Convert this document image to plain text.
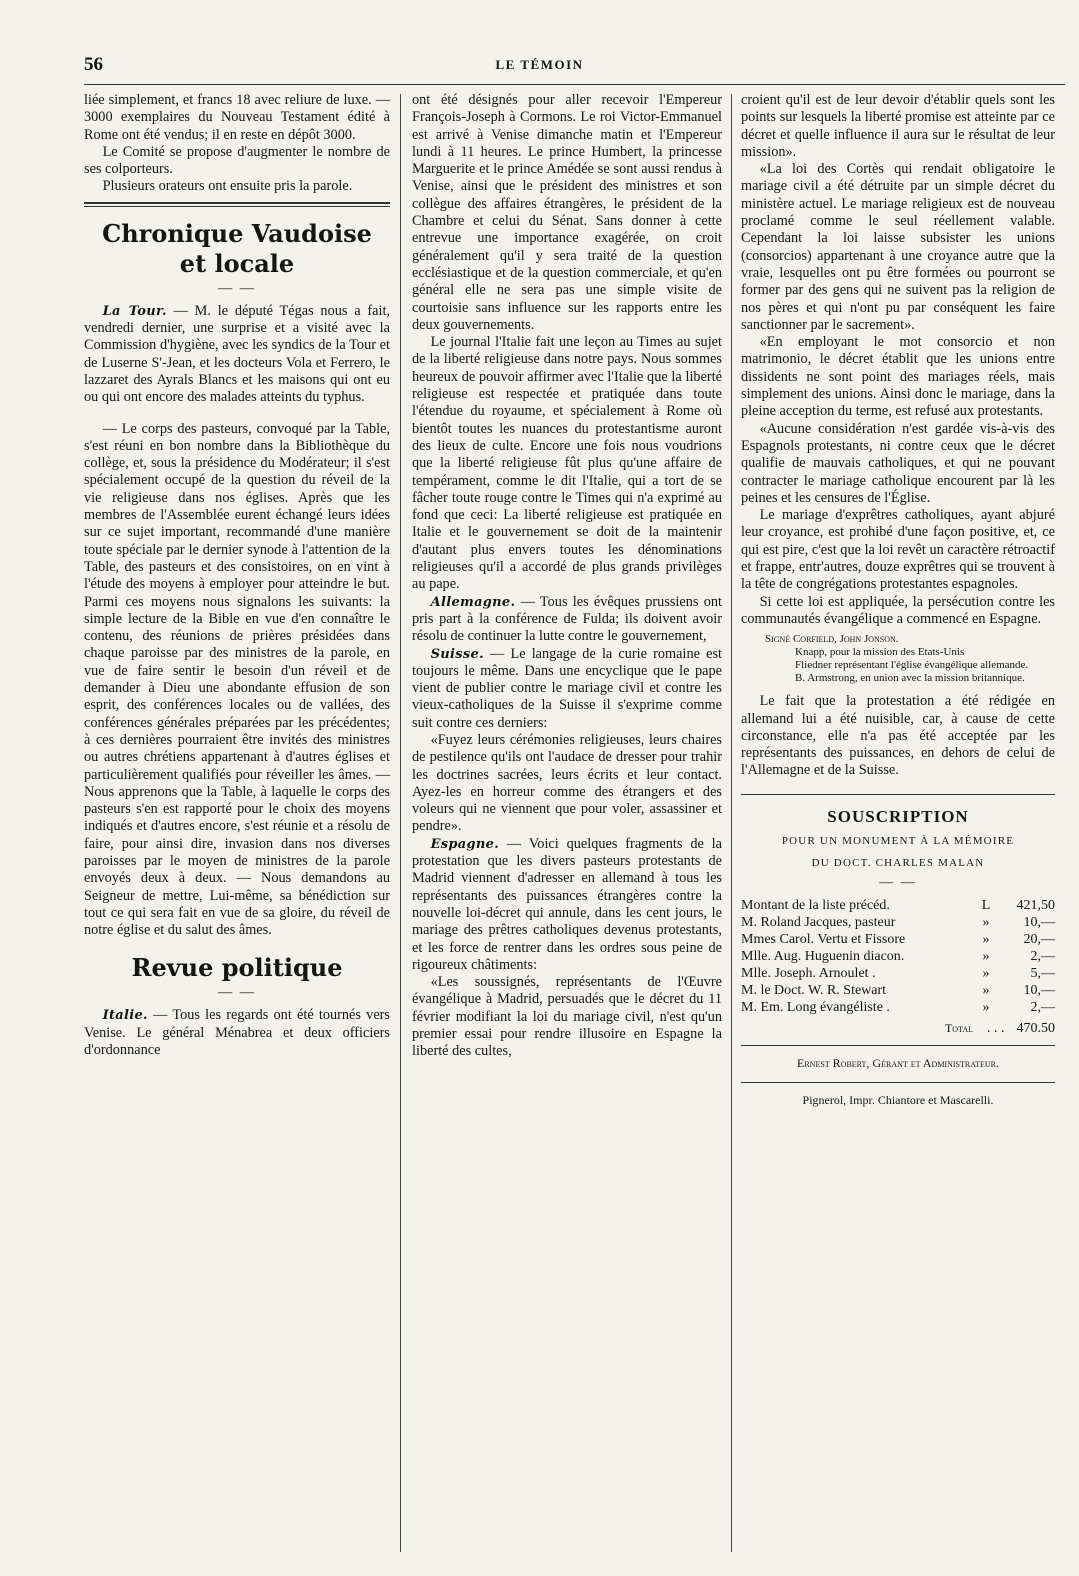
56	LE TÉMOIN

liée simplement, et francs 18 avec reliure de luxe. — 3000 exemplaires du Nouveau Testament édité à Rome ont été vendus; il en reste en dépôt 3000.

Le Comité se propose d'augmenter le nombre de ses colporteurs.

Plusieurs orateurs ont ensuite pris la parole.

Chronique Vaudoise
et locale
— —

La Tour. — M. le député Tégas nous a fait, vendredi dernier, une surprise et a visité avec la Commission d'hygiène, avec les syndics de la Tour et de Luserne S'-Jean, et les docteurs Vola et Ferrero, le lazzaret des Ayrals Blancs et les maisons qui ont eu ou qui ont encore des malades atteints du typhus.

— Le corps des pasteurs, convoqué par la Table, s'est réuni en bon nombre dans la Bibliothèque du collège, et, sous la présidence du Modérateur; il s'est spécialement occupé de la question du réveil de la vie religieuse dans nos églises. Après que les membres de l'Assemblée eurent échangé leurs idées sur ce sujet important, recommandé d'une manière toute spéciale par le dernier synode à l'attention de la Table, des pasteurs et des consistoires, on en vint à l'étude des moyens à employer pour atteindre le but. Parmi ces moyens nous signalons les suivants: la simple lecture de la Bible en vue d'en connaître le contenu, des réunions de prières présidées dans chaque paroisse par des ministres de la parole, en vue de faire sentir le besoin d'un réveil et de demander à Dieu une abondante effusion de son esprit, des conférences locales ou de vallées, des conférences générales préparées par les précédentes; à ces dernières pourraient être invités des ministres ou autres chrétiens appartenant à d'autres églises et particulièrement qualifiés pour réveiller les âmes. — Nous apprenons que la Table, à laquelle le corps des pasteurs s'en est rapporté pour le choix des moyens indiqués et d'autres encore, s'est réunie et a résolu de faire, pour ainsi dire, invasion dans nos diverses paroisses par le moyen de ministres de la parole envoyés deux à deux. — Nous demandons au Seigneur de mettre, Lui-même, sa bénédiction sur tout ce qui sera fait en vue de sa gloire, du réveil de notre église et du salut des âmes.

Revue politique
— —

Italie. — Tous les regards ont été tournés vers Venise. Le général Ménabrea et deux officiers d'ordonnance

ont été désignés pour aller recevoir l'Empereur François-Joseph à Cormons. Le roi Victor-Emmanuel est arrivé à Venise dimanche matin et l'Empereur lundi à 11 heures. Le prince Humbert, la princesse Marguerite et le prince Amédée se sont aussi rendus à Venise, ainsi que le président des ministres et son collègue des affaires étrangères, le président de la Chambre et celui du Sénat. Sans donner à cette entrevue une importance exagérée, on croit généralement qu'il y sera traité de la question ecclésiastique et de la question commerciale, et qu'en général elle ne sera pas une simple visite de courtoisie sans influence sur les rapports entre les deux gouvernements.

Le journal l'Italie fait une leçon au Times au sujet de la liberté religieuse dans notre pays. Nous sommes heureux de pouvoir affirmer avec l'Italie que la liberté religieuse est respectée et pratiquée dans toute l'étendue du royaume, et spécialement à Rome où bientôt toutes les nuances du protestantisme auront des lieux de culte. Encore une fois nous voudrions que la liberté religieuse fût plus qu'une affaire de tempérament, comme le dit l'Italie, qui a tort de se fâcher toute rouge contre le Times qui n'a exprimé au fond que ceci: La liberté religieuse est pratiquée en Italie et le gouvernement se doit de la maintenir d'autant plus envers toutes les dénominations religieuses qu'il a accordé de plus grands privilèges au pape.

Allemagne. — Tous les évêques prussiens ont pris part à la conférence de Fulda; ils doivent avoir résolu de continuer la lutte contre le gouvernement,

Suisse. — Le langage de la curie romaine est toujours le même. Dans une encyclique que le pape vient de publier contre le mariage civil et contre les vieux-catholiques de la Suisse il s'exprime comme suit contre ces derniers:

«Fuyez leurs cérémonies religieuses, leurs chaires de pestilence qu'ils ont l'audace de dresser pour trahir les doctrines sacrées, leurs écrits et leur contact. Ayez-les en horreur comme des étrangers et des voleurs qui ne viennent que pour voler, assassiner et pendre».

Espagne. — Voici quelques fragments de la protestation que les divers pasteurs protestants de Madrid viennent d'adresser en allemand à tous les représentants des puissances étrangères contre la nouvelle loi-décret qui annule, dans les cent jours, le mariage des prêtres catholiques devenus protestants, et les force de rentrer dans les ordres sous peine de rigoureux châtiments:

«Les soussignés, représentants de l'Œuvre évangélique à Madrid, persuadés que le décret du 11 février modifiant la loi du mariage civil, n'est qu'un premier essai pour rendre illusoire en Espagne la liberté des cultes,

croient qu'il est de leur devoir d'établir quels sont les points sur lesquels la liberté promise est atteinte par ce décret et quelle influence il aura sur le résultat de leur mission».

«La loi des Cortès qui rendait obligatoire le mariage civil a été détruite par un simple décret du ministère actuel. Le mariage religieux est de nouveau proclamé comme le seul réellement valable. Cependant la loi laisse subsister les unions (consorcios) appartenant à une croyance autre que la vraie, lesquelles ont pu être formées ou pourront se former par des gens qui ne suivent pas la religion de nos pères et qui n'ont pu par conséquent les faire sanctionner par le sacrement».

«En employant le mot consorcio et non matrimonio, le décret établit que les unions entre dissidents ne sont point des mariages réels, mais simplement des unions. Ainsi donc le mariage, dans la pleine acception du terme, est refusé aux protestants.

«Aucune considération n'est gardée vis-à-vis des Espagnols protestants, ni contre ceux que le décret qualifie de mauvais catholiques, et qui ne pouvant contracter le mariage catholique encourent par là les peines et les censures de l'Église.

Le mariage d'exprêtres catholiques, ayant abjuré leur croyance, est prohibé d'une façon positive, et, ce qui est pire, c'est que la loi revêt un caractère rétroactif et frappe, entr'autres, douze exprêtres qui se trouvent à la tête de congrégations protestantes espagnoles.

Si cette loi est appliquée, la persécution contre les communautés évangélique a commencé en Espagne.

Signé Corfield, John Jonson.

Knapp, pour la mission des Etats-Unis

Fliedner représentant l'église évangélique allemande.

B. Armstrong, en union avec la mission britannique.

Le fait que la protestation a été rédigée en allemand lui a été nuisible, car, à cause de cette circonstance, elle n'a pas été acceptée par les représentants des puissances, en dehors de celui de l'Allemagne et de la Suisse.

SOUSCRIPTION
POUR UN MONUMENT À LA MÉMOIRE
DU DOCT. CHARLES MALAN
— —
Montant de la liste précéd.	L	421,50
M. Roland Jacques, pasteur	»	10,—
Mmes Carol. Vertu et Fissore	»	20,—
Mlle. Aug. Huguenin diacon.	»	2,—
Mlle. Joseph. Arnoulet .	»	5,—
M. le Doct. W. R. Stewart	»	10,—
M. Em. Long évangéliste .	»	2,—
Total . . . 470.50

Ernest Robert, Gérant et Administrateur.

Pignerol, Impr. Chiantore et Mascarelli.
